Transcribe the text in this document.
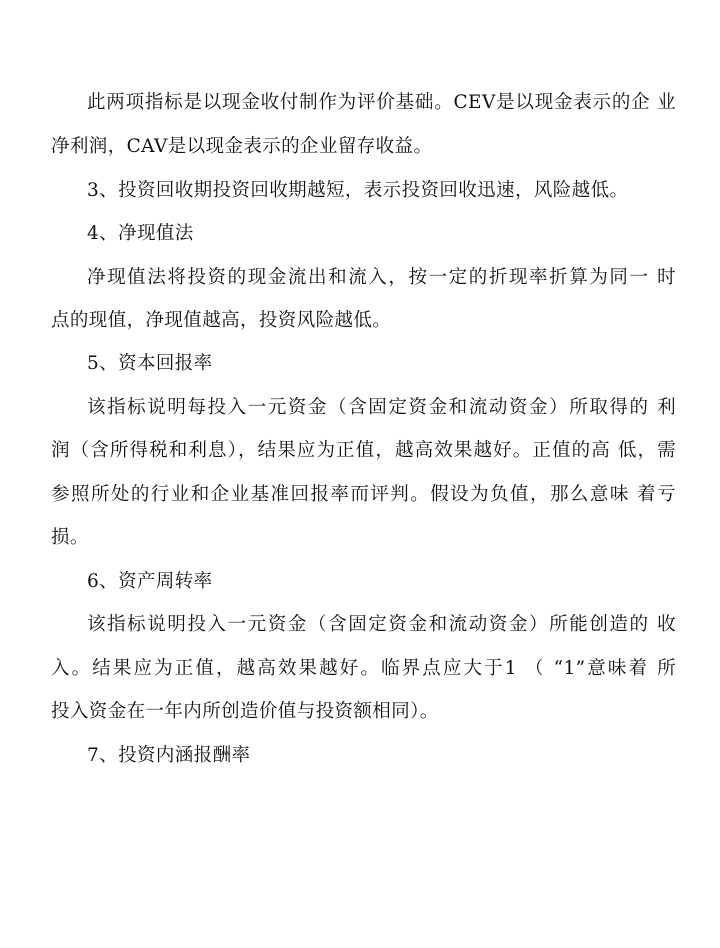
此两项指标是以现金收付制作为评价基础。CEV是以现金表示的企 业
净利润，CAV是以现金表示的企业留存收益。
3、投资回收期投资回收期越短，表示投资回收迅速，风险越低。
4、净现值法
净现值法将投资的现金流出和流入，按一定的折现率折算为同一 时
点的现值，净现值越高，投资风险越低。
5、资本回报率
该指标说明每投入一元资金（含固定资金和流动资金）所取得的 利
润（含所得税和利息），结果应为正值，越高效果越好。正值的高 低，需
参照所处的行业和企业基准回报率而评判。假设为负值，那么意味 着亏
损。
6、资产周转率
该指标说明投入一元资金（含固定资金和流动资金）所能创造的 收
入。结果应为正值，越高效果越好。临界点应大于1 （ “1”意味着 所
投入资金在一年内所创造价值与投资额相同）。
7、投资内涵报酬率
